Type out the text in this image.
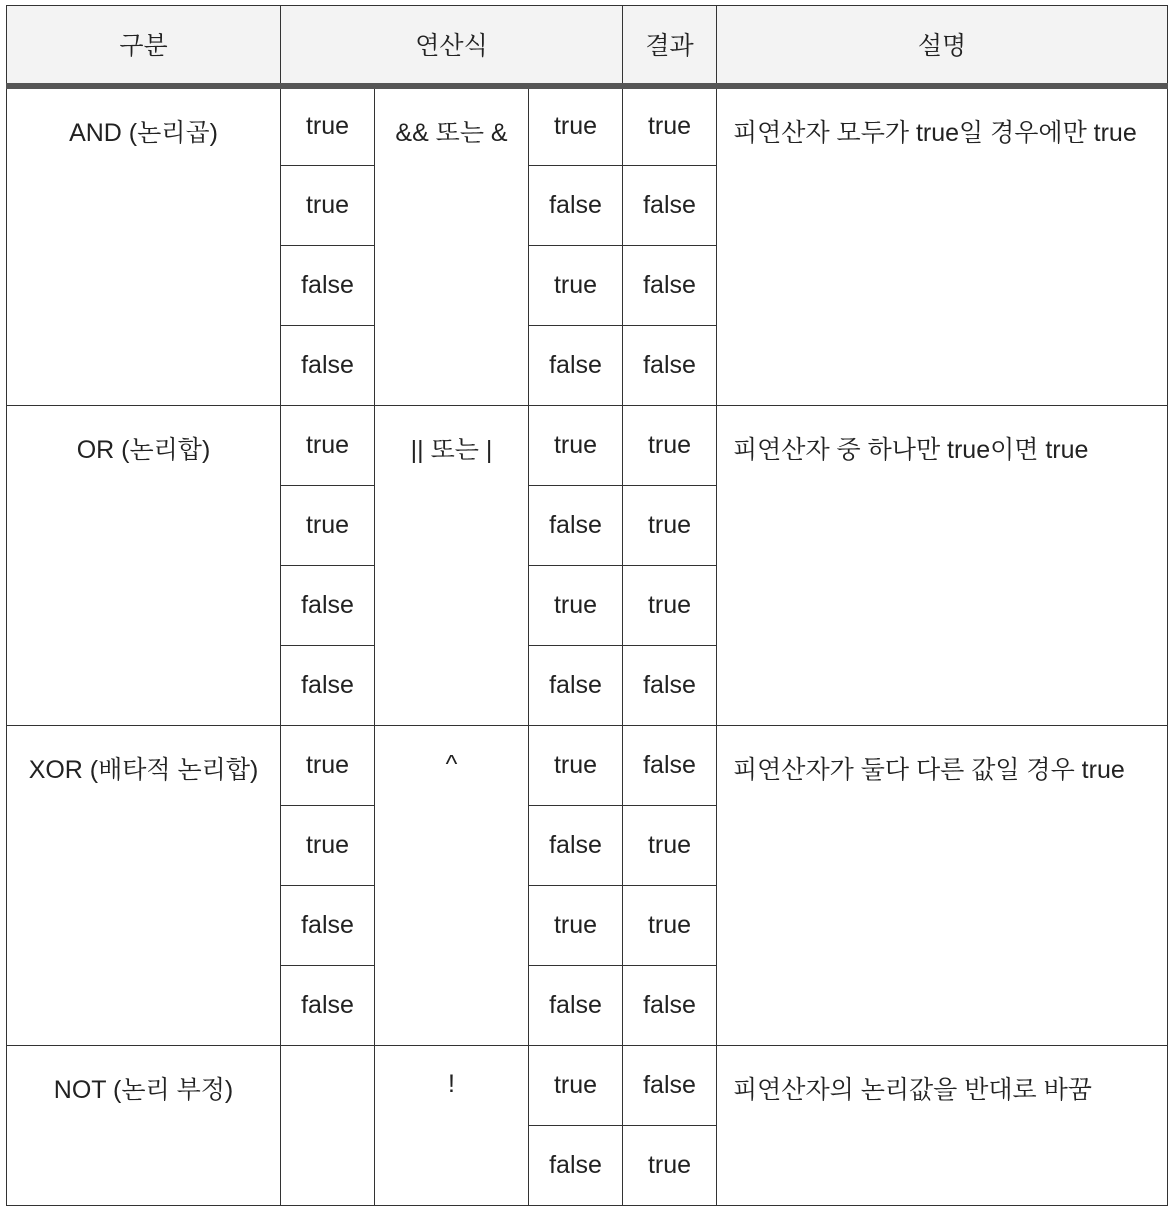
구분	연산식			결과	설명
AND (논리곱)	true	&& 또는 &	true	true	피연산자 모두가 true일 경우에만 true
	true		false	false	
	false		true	false	
	false		false	false	
OR (논리합)	true	|| 또는 |	true	true	피연산자 중 하나만 true이면 true
	true		false	true	
	false		true	true	
	false		false	false	
XOR (배타적 논리합)	true	^	true	false	피연산자가 둘다 다른 값일 경우 true
	true		false	true	
	false		true	true	
	false		false	false	
NOT (논리 부정)		!	true	false	피연산자의 논리값을 반대로 바꿈
			false	true	
